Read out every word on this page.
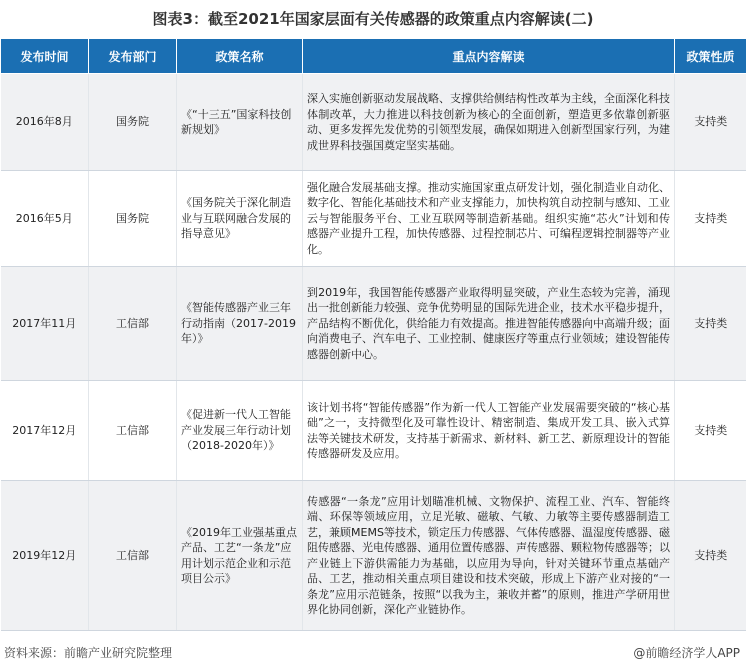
图表3：截至2021年国家层面有关传感器的政策重点内容解读(二)
发布时间	发布部门	政策名称	重点内容解读	政策性质
2016年8月	国务院	《“十三五”国家科技创新规划》	深入实施创新驱动发展战略、支撑供给侧结构性改革为主线，全面深化科技体制改革，大力推进以科技创新为核心的全面创新，塑造更多依靠创新驱动、更多发挥先发优势的引领型发展，确保如期进入创新型国家行列，为建成世界科技强国奠定坚实基础。	支持类
2016年5月	国务院	《国务院关于深化制造业与互联网融合发展的指导意见》	强化融合发展基础支撑。推动实施国家重点研发计划，强化制造业自动化、数字化、智能化基础技术和产业支撑能力，加快构筑自动控制与感知、工业云与智能服务平台、工业互联网等制造新基础。组织实施“芯火”计划和传感器产业提升工程，加快传感器、过程控制芯片、可编程逻辑控制器等产业化。	支持类
2017年11月	工信部	《智能传感器产业三年行动指南（2017-2019年）》	到2019年，我国智能传感器产业取得明显突破，产业生态较为完善，涌现出一批创新能力较强、竞争优势明显的国际先进企业，技术水平稳步提升，产品结构不断优化，供给能力有效提高。推进智能传感器向中高端升级；面向消费电子、汽车电子、工业控制、健康医疗等重点行业领域；建设智能传感器创新中心。	支持类
2017年12月	工信部	《促进新一代人工智能产业发展三年行动计划（2018-2020年）》	该计划书将“智能传感器”作为新一代人工智能产业发展需要突破的“核心基础”之一，支持微型化及可靠性设计、精密制造、集成开发工具、嵌入式算法等关键技术研发，支持基于新需求、新材料、新工艺、新原理设计的智能传感器研发及应用。	支持类
2019年12月	工信部	《2019年工业强基重点产品、工艺“一条龙”应用计划示范企业和示范项目公示》	传感器“一条龙”应用计划瞄准机械、文物保护、流程工业、汽车、智能终端、环保等领域应用，立足光敏、磁敏、气敏、力敏等主要传感器制造工艺，兼顾MEMS等技术，锁定压力传感器、气体传感器、温湿度传感器、磁阻传感器、光电传感器、通用位置传感器、声传感器、颗粒物传感器等；以产业链上下游供需能力为基础，以应用为导向，针对关键环节重点基础产品、工艺，推动相关重点项目建设和技术突破，形成上下游产业对接的“一条龙”应用示范链条，按照“以我为主，兼收并蓄”的原则，推进产学研用世界化协同创新，深化产业链协作。	支持类
资料来源：前瞻产业研究院整理	@前瞻经济学人APP
